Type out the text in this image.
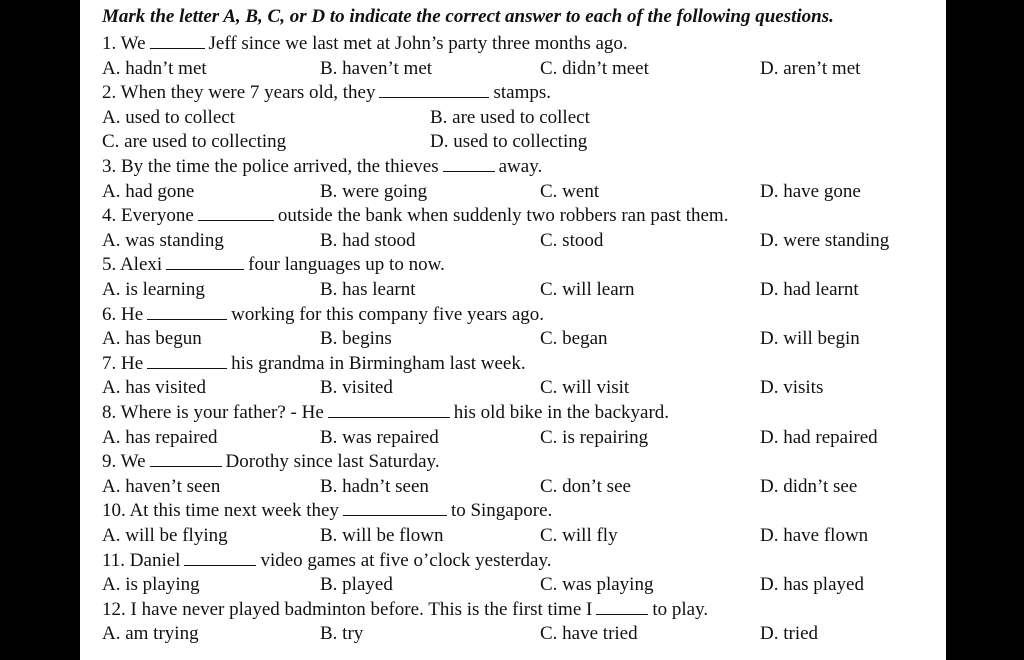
Mark the letter A, B, C, or D to indicate the correct answer to each of the following questions.
1. We	Jeff since we last met at John’s party three months ago.
A. hadn’t met	B. haven’t met	C. didn’t meet	D. aren’t met
2. When they were 7 years old, they	stamps.
A. used to collect	B. are used to collect
C. are used to collecting	D. used to collecting
3. By the time the police arrived, the thieves	away.
A. had gone	B. were going	C. went	D. have gone
4. Everyone	outside the bank when suddenly two robbers ran past them.
A. was standing	B. had stood	C. stood	D. were standing
5. Alexi	four languages up to now.
A. is learning	B. has learnt	C. will learn	D. had learnt
6. He	working for this company five years ago.
A. has begun	B. begins	C. began	D. will begin
7. He	his grandma in Birmingham last week.
A. has visited	B. visited	C. will visit	D. visits
8. Where is your father? - He	his old bike in the backyard.
A. has repaired	B. was repaired	C. is repairing	D. had repaired
9. We	Dorothy since last Saturday.
A. haven’t seen	B. hadn’t seen	C. don’t see	D. didn’t see
10. At this time next week they	to Singapore.
A. will be flying	B. will be flown	C. will fly	D. have flown
11. Daniel	video games at five o’clock yesterday.
A. is playing	B. played	C. was playing	D. has played
12. I have never played badminton before. This is the first time I	to play.
A. am trying	B. try	C. have tried	D. tried
